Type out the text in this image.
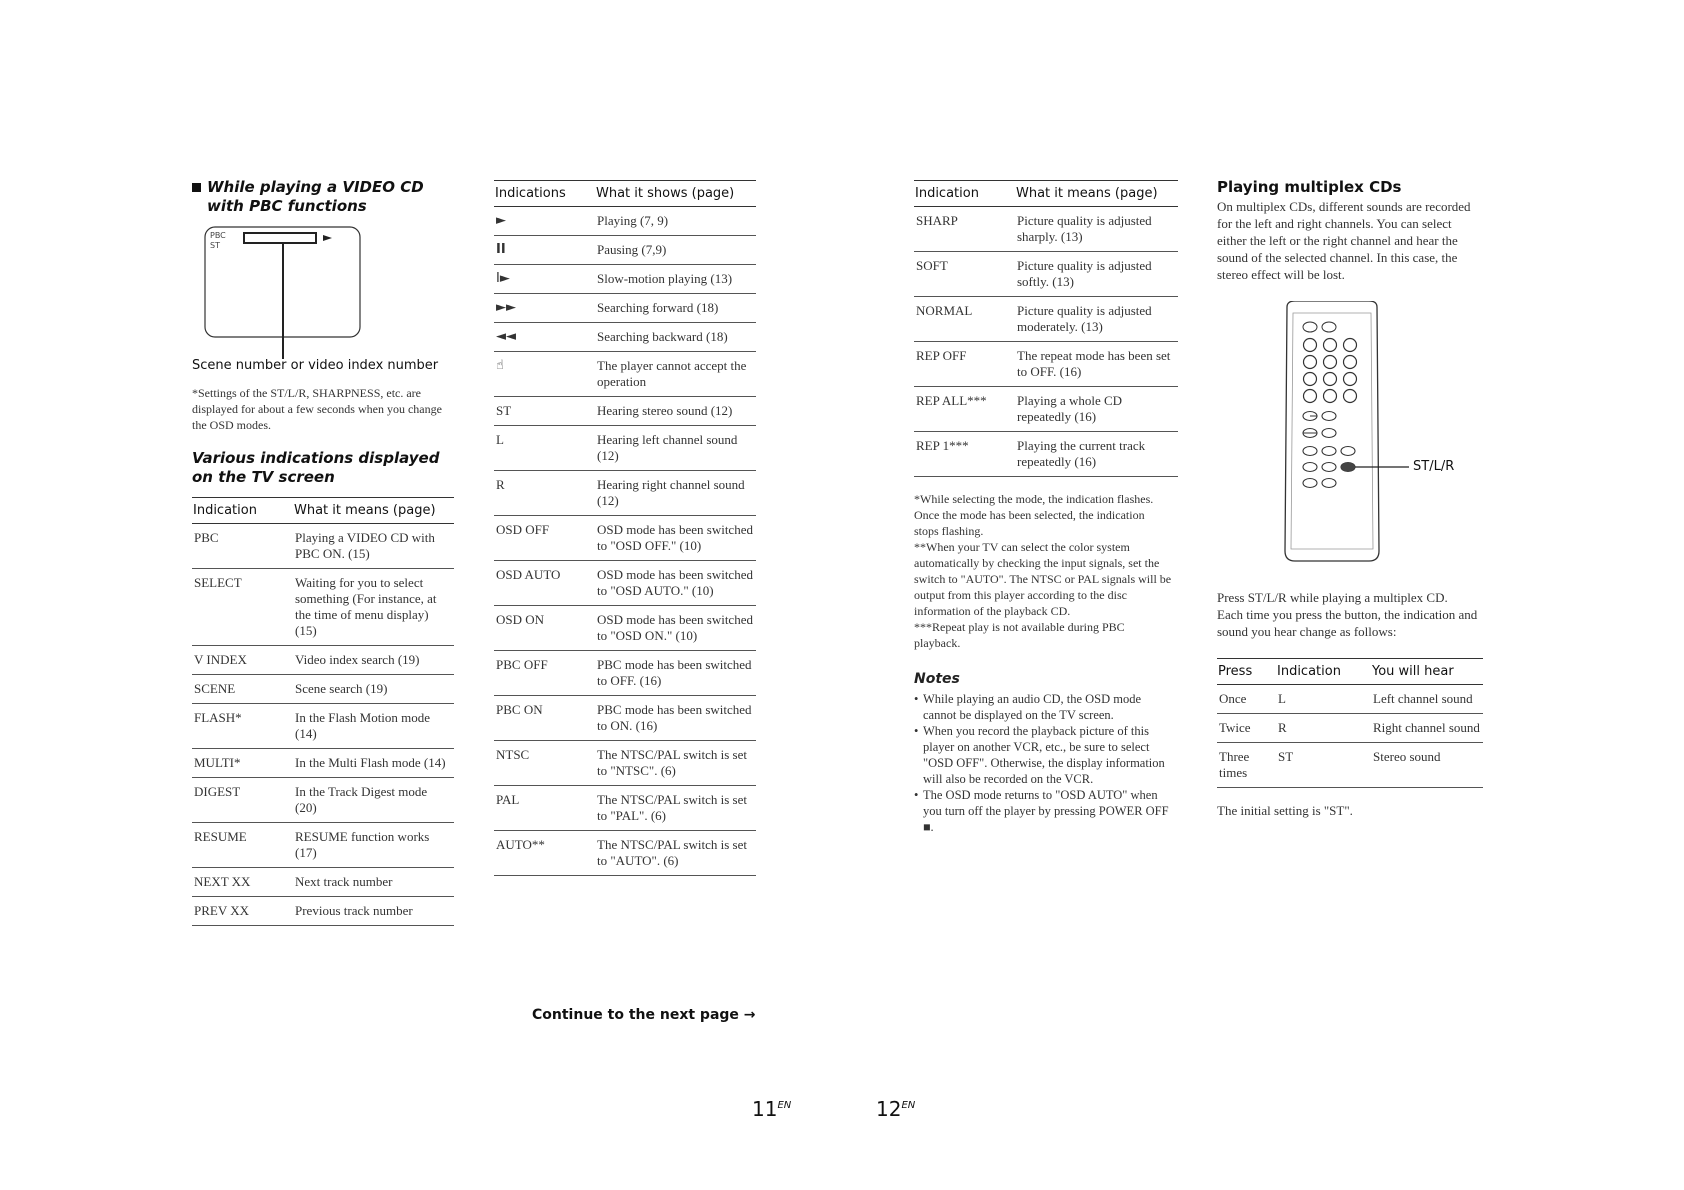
While playing a VIDEO CD with PBC functions
PBC
ST
Scene number or video index number
*Settings of the ST/L/R, SHARPNESS, etc. are displayed for about a few seconds when you change the OSD modes.
Various indications displayed on the TV screen
Indication	What it means (page)
PBC	Playing a VIDEO CD with PBC ON. (15)
SELECT	Waiting for you to select something (For instance, at the time of menu display) (15)
V INDEX	Video index search (19)
SCENE	Scene search (19)
FLASH*	In the Flash Motion mode (14)
MULTI*	In the Multi Flash mode (14)
DIGEST	In the Track Digest mode (20)
RESUME	RESUME function works (17)
NEXT XX	Next track number
PREV XX	Previous track number
Indications	What it shows (page)
►	Playing (7, 9)
II	Pausing (7,9)
I►	Slow-motion playing (13)
►►	Searching forward (18)
◄◄	Searching backward (18)
☝	The player cannot accept the operation
ST	Hearing stereo sound (12)
L	Hearing left channel sound (12)
R	Hearing right channel sound (12)
OSD OFF	OSD mode has been switched to "OSD OFF." (10)
OSD AUTO	OSD mode has been switched to "OSD AUTO." (10)
OSD ON	OSD mode has been switched to "OSD ON." (10)
PBC OFF	PBC mode has been switched to OFF. (16)
PBC ON	PBC mode has been switched to ON. (16)
NTSC	The NTSC/PAL switch is set to "NTSC". (6)
PAL	The NTSC/PAL switch is set to "PAL". (6)
AUTO**	The NTSC/PAL switch is set to "AUTO". (6)
Continue to the next page →
$11^{EN}$	$12^{EN}$
Indication	What it means (page)
SHARP	Picture quality is adjusted sharply. (13)
SOFT	Picture quality is adjusted softly. (13)
NORMAL	Picture quality is adjusted moderately. (13)
REP OFF	The repeat mode has been set to OFF. (16)
REP ALL***	Playing a whole CD repeatedly (16)
REP 1***	Playing the current track repeatedly (16)
*While selecting the mode, the indication flashes. Once the mode has been selected, the indication stops flashing.
**When your TV can select the color system automatically by checking the input signals, set the switch to "AUTO". The NTSC or PAL signals will be output from this player according to the disc information of the playback CD.
***Repeat play is not available during PBC playback.
Notes
• While playing an audio CD, the OSD mode cannot be displayed on the TV screen.
• When you record the playback picture of this player on another VCR, etc., be sure to select "OSD OFF". Otherwise, the display information will also be recorded on the VCR.
• The OSD mode returns to "OSD AUTO" when you turn off the player by pressing POWER OFF ■.
Playing multiplex CDs
On multiplex CDs, different sounds are recorded for the left and right channels. You can select either the left or the right channel and hear the sound of the selected channel. In this case, the stereo effect will be lost.
ST/L/R
Press ST/L/R while playing a multiplex CD.
Each time you press the button, the indication and sound you hear change as follows:
Press	Indication	You will hear
Once	L	Left channel sound
Twice	R	Right channel sound
Three times	ST	Stereo sound
The initial setting is "ST".
